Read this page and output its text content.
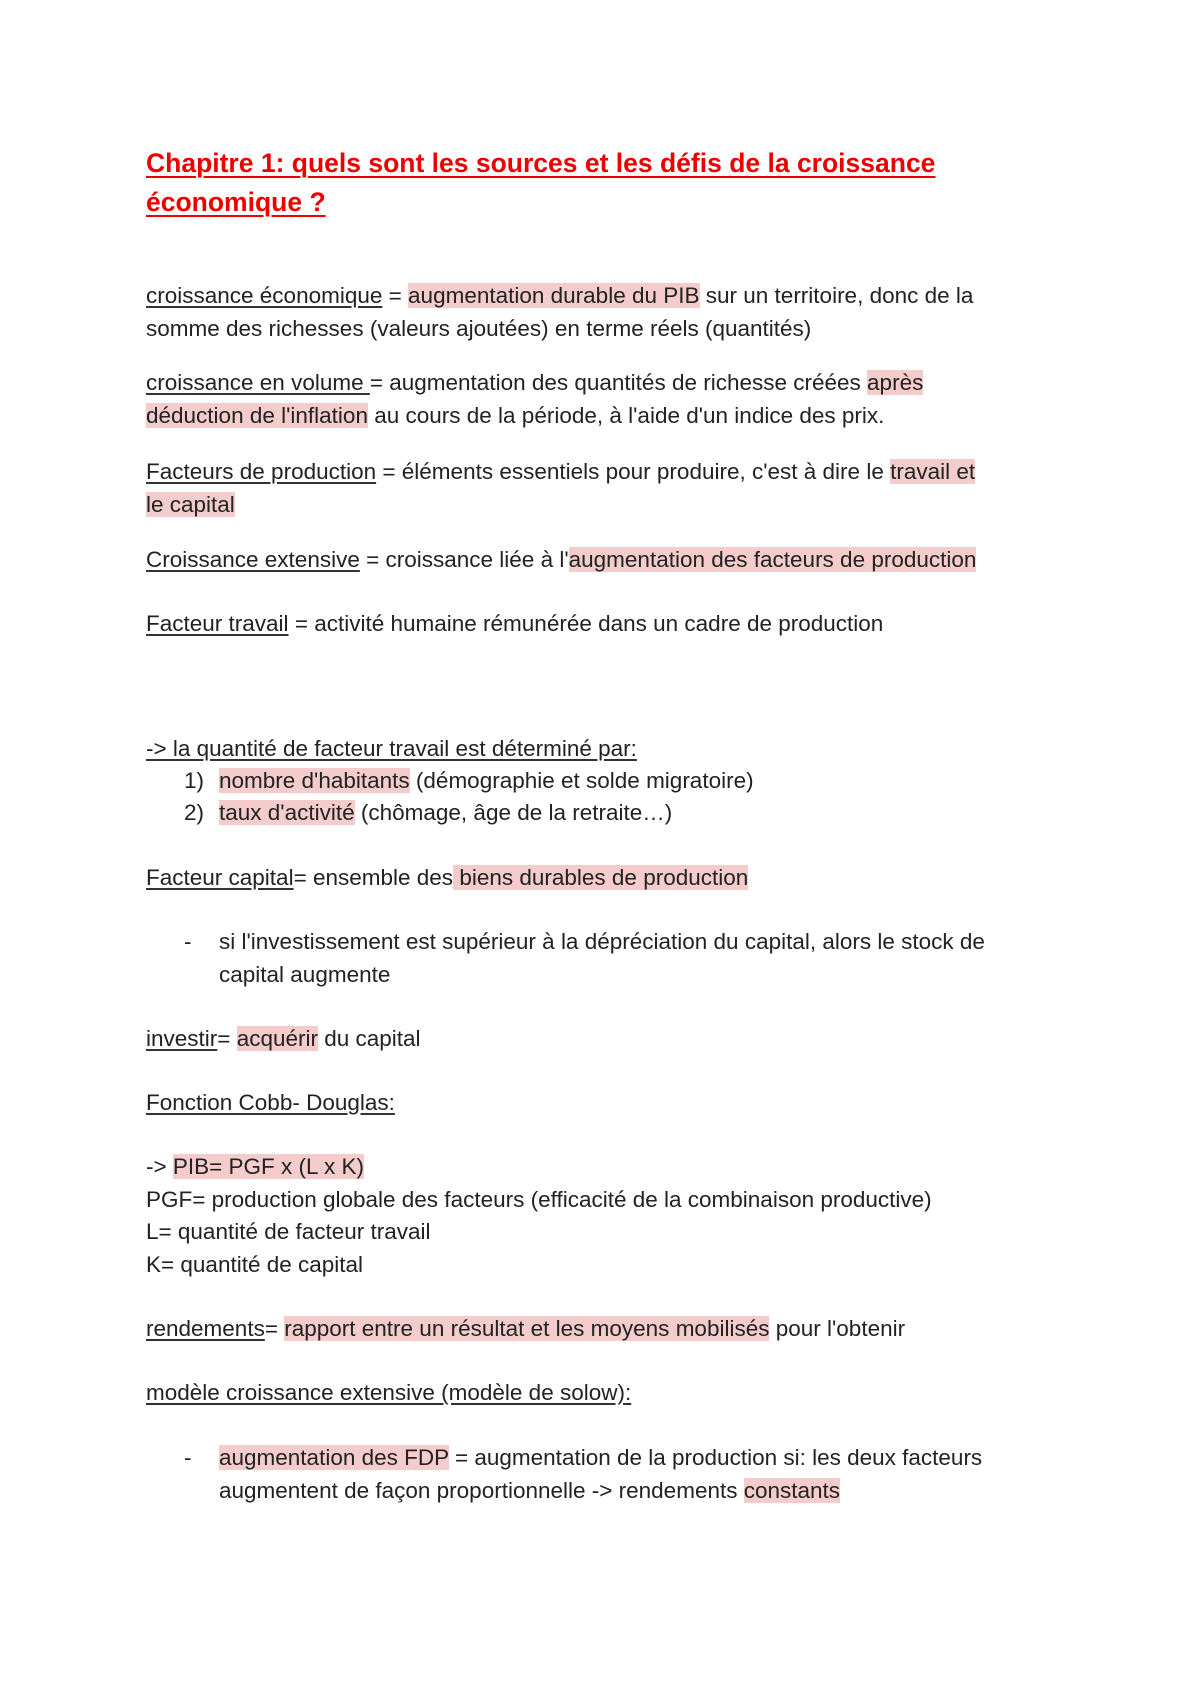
Chapitre 1: quels sont les sources et les défis de la croissance économique ?
croissance économique = augmentation durable du PIB sur un territoire, donc de la
somme des richesses (valeurs ajoutées) en terme réels (quantités)
croissance en volume = augmentation des quantités de richesse créées après
déduction de l'inflation au cours de la période, à l'aide d'un indice des prix.
Facteurs de production = éléments essentiels pour produire, c'est à dire le travail et
le capital
Croissance extensive = croissance liée à l'augmentation des facteurs de production
Facteur travail = activité humaine rémunérée dans un cadre de production
-> la quantité de facteur travail est déterminé par:
1) nombre d'habitants (démographie et solde migratoire)
2) taux d'activité (chômage, âge de la retraite…)
Facteur capital= ensemble des biens durables de production
- si l'investissement est supérieur à la dépréciation du capital, alors le stock de
capital augmente
investir= acquérir du capital
Fonction Cobb- Douglas:
-> PIB= PGF x (L x K)
PGF= production globale des facteurs (efficacité de la combinaison productive)
L= quantité de facteur travail
K= quantité de capital
rendements= rapport entre un résultat et les moyens mobilisés pour l'obtenir
modèle croissance extensive (modèle de solow):
- augmentation des FDP = augmentation de la production si: les deux facteurs
augmentent de façon proportionnelle -> rendements constants
